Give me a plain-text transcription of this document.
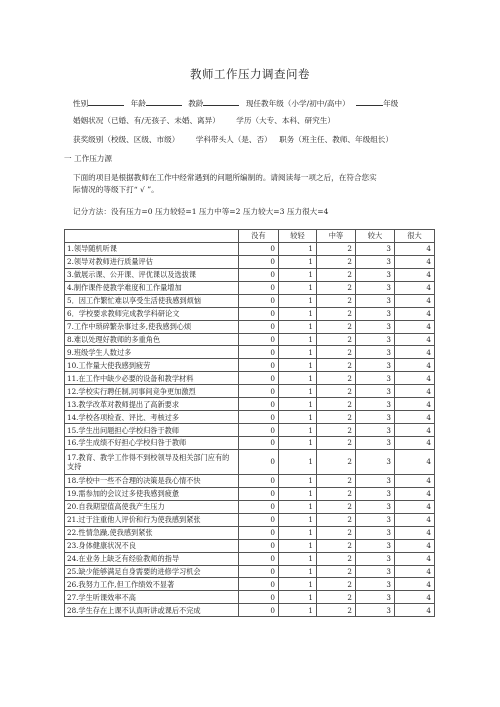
教师工作压力调查问卷
性别	年龄	教龄	现任教年级（小学/初中/高中）	年级
婚姻状况（已婚、有/无孩子、未婚、离异） 学历（大专、本科、研究生）
获奖级别（校级、区级、市级） 学科带头人（是、否） 职务（班主任、教师、年级组长）
一 工作压力源
下面的项目是根据教师在工作中经常遇到的问题所编制的。请阅读每一项之后，在符合您实
际情况的等级下打“ √ ”。
记分方法：没有压力=0 压力较轻=1 压力中等=2 压力较大=3 压力很大=4
	没有	较轻	中等	较大	很大
1.领导随机听课	0	1	2	3	4
2.领导对教师进行质量评估	0	1	2	3	4
3.做展示课、公开课、评优课以及选拔课	0	1	2	3	4
4.制作课件使教学难度和工作量增加	0	1	2	3	4
5．因工作繁忙难以享受生活使我感到烦恼	0	1	2	3	4
6．学校要求教师完成教学科研论文	0	1	2	3	4
7.工作中琐碎繁杂事过多,使我感到心烦	0	1	2	3	4
8.难以处理好教师的多重角色	0	1	2	3	4
9.班级学生人数过多	0	1	2	3	4
10.工作量大使我感到疲劳	0	1	2	3	4
11.在工作中缺少必要的设备和教学材料	0	1	2	3	4
12.学校实行聘任制,同事间竞争更加激烈	0	1	2	3	4
13.教学改革对教师提出了高新要求	0	1	2	3	4
14.学校各项检查、评比、考核过多	0	1	2	3	4
15.学生出问题担心学校归咎于教师	0	1	2	3	4
16.学生成绩不好担心学校归咎于教师	0	1	2	3	4
17.教育、教学工作得不到校领导及相关部门应有的支持	0	1	2	3	4
18.学校中一些不合理的决策是我心情不快	0	1	2	3	4
19.需参加的会议过多使我感到疲惫	0	1	2	3	4
20.自我期望值高使我产生压力	0	1	2	3	4
21.过于注重他人评价和行为使我感到紧张	0	1	2	3	4
22.性情急躁,使我感到紧张	0	1	2	3	4
23.身体健康状况不良	0	1	2	3	4
24.在业务上缺乏有经验教师的指导	0	1	2	3	4
25.缺少能够满足自身需要的进修学习机会	0	1	2	3	4
26.我努力工作,但工作绩效不显著	0	1	2	3	4
27.学生听课效率不高	0	1	2	3	4
28.学生存在上课不认真听讲或课后不完成	0	1	2	3	4
